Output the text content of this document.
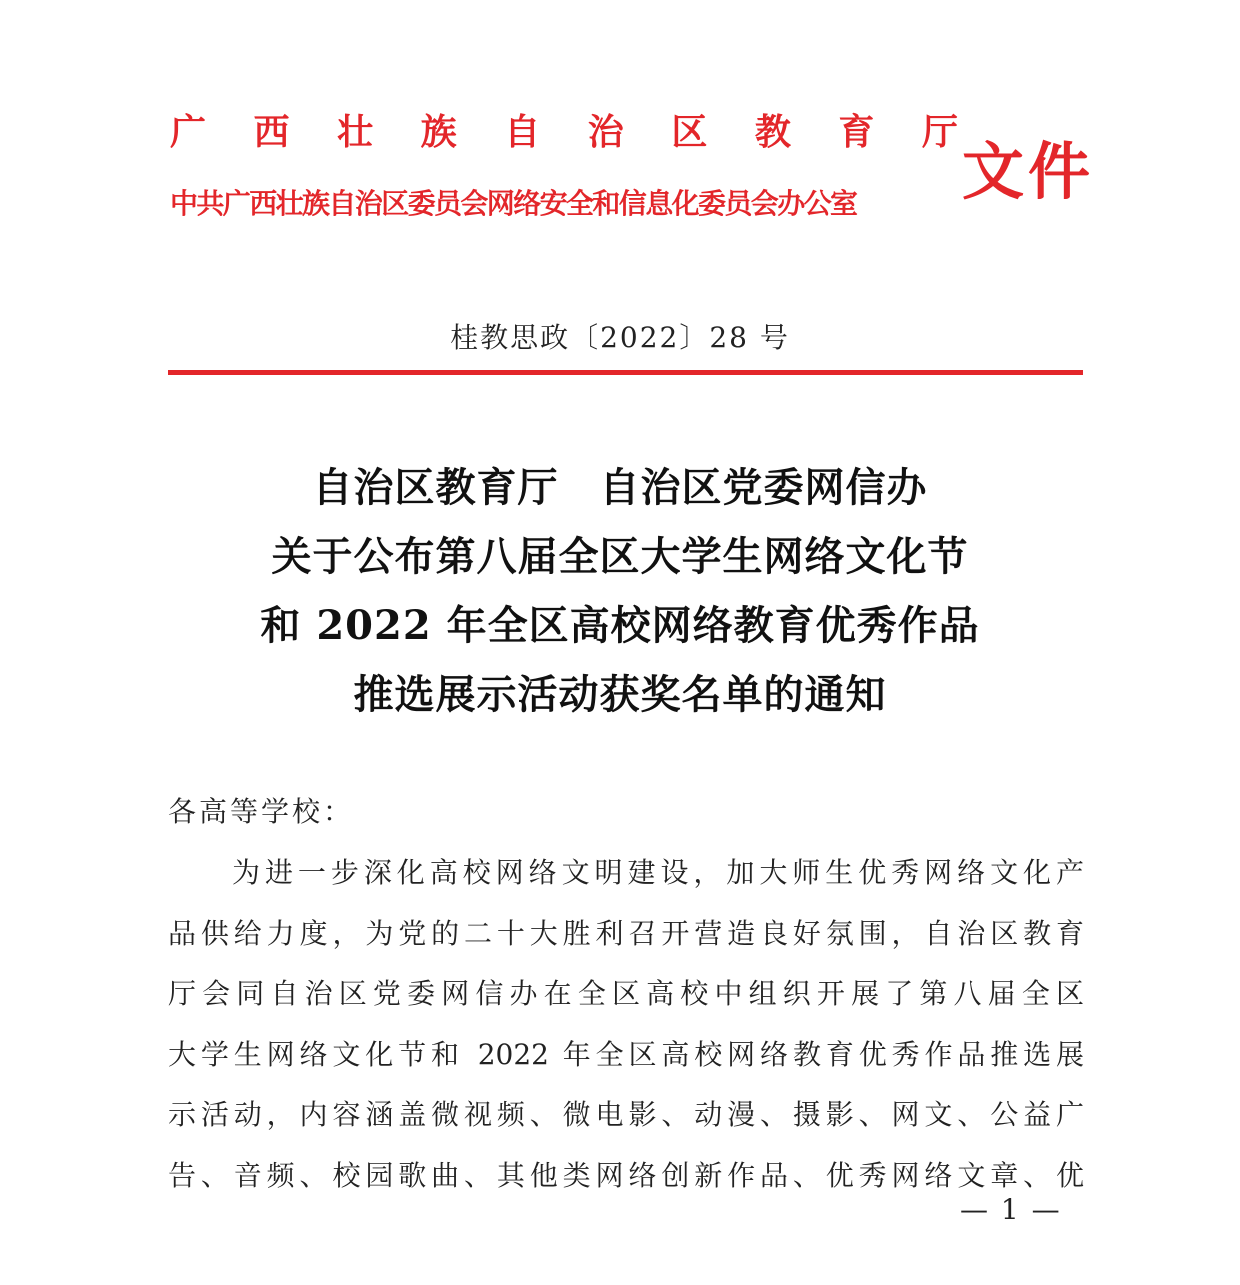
广西壮族自治区教育厅
中共广西壮族自治区委员会网络安全和信息化委员会办公室	文件
桂教思政〔2022〕28 号
自治区教育厅　自治区党委网信办
关于公布第八届全区大学生网络文化节
和 2022 年全区高校网络教育优秀作品
推选展示活动获奖名单的通知
各高等学校：
为进一步深化高校网络文明建设，加大师生优秀网络文化产
品供给力度，为党的二十大胜利召开营造良好氛围，自治区教育
厅会同自治区党委网信办在全区高校中组织开展了第八届全区
大学生网络文化节和 2022 年全区高校网络教育优秀作品推选展
示活动，内容涵盖微视频、微电影、动漫、摄影、网文、公益广
告、音频、校园歌曲、其他类网络创新作品、优秀网络文章、优
— 1 —
